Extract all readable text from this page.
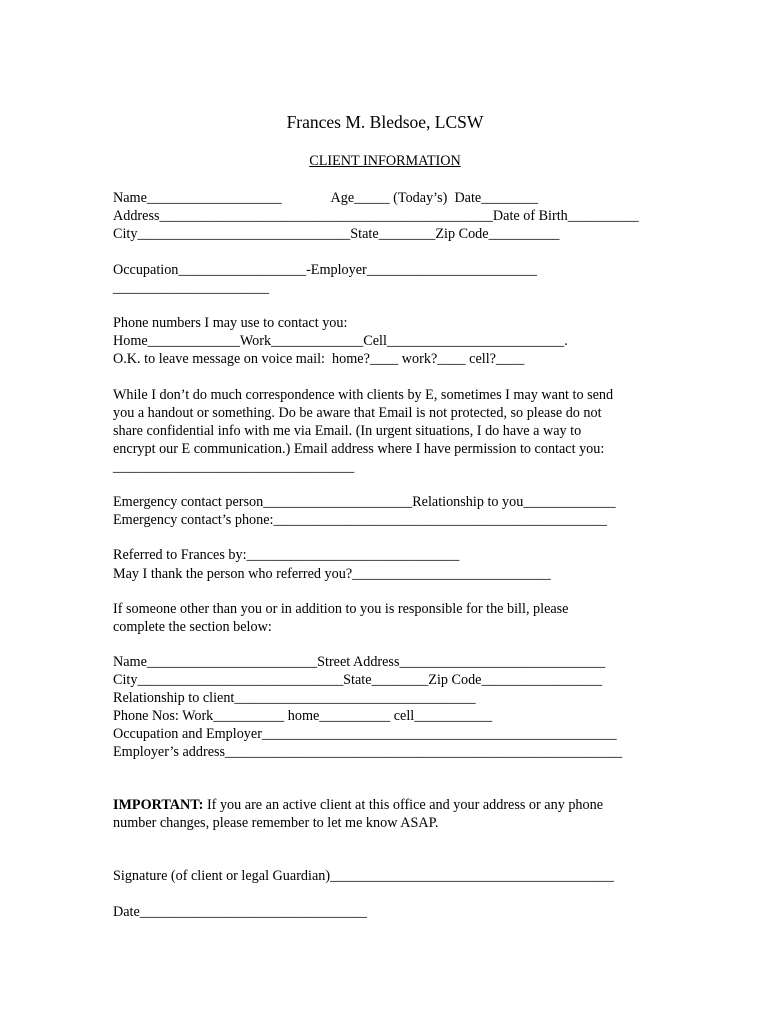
Frances M. Bledsoe, LCSW
CLIENT INFORMATION
Name___________________              Age_____ (Today’s)  Date________
Address_______________________________________________Date of Birth__________
City______________________________State________Zip Code__________
Occupation__________________-Employer________________________
______________________
Phone numbers I may use to contact you:
Home_____________Work_____________Cell_________________________.
O.K. to leave message on voice mail:  home?____ work?____ cell?____
While I don’t do much correspondence with clients by E, sometimes I may want to send
you a handout or something. Do be aware that Email is not protected, so please do not
share confidential info with me via Email. (In urgent situations, I do have a way to
encrypt our E communication.) Email address where I have permission to contact you:
__________________________________
Emergency contact person_____________________Relationship to you_____________
Emergency contact’s phone:_______________________________________________
Referred to Frances by:______________________________
May I thank the person who referred you?____________________________
If someone other than you or in addition to you is responsible for the bill, please
complete the section below:
Name________________________Street Address_____________________________
City_____________________________State________Zip Code_________________
Relationship to client__________________________________
Phone Nos: Work__________ home__________ cell___________
Occupation and Employer__________________________________________________
Employer’s address________________________________________________________
IMPORTANT: If you are an active client at this office and your address or any phone
number changes, please remember to let me know ASAP.
Signature (of client or legal Guardian)________________________________________
Date________________________________
